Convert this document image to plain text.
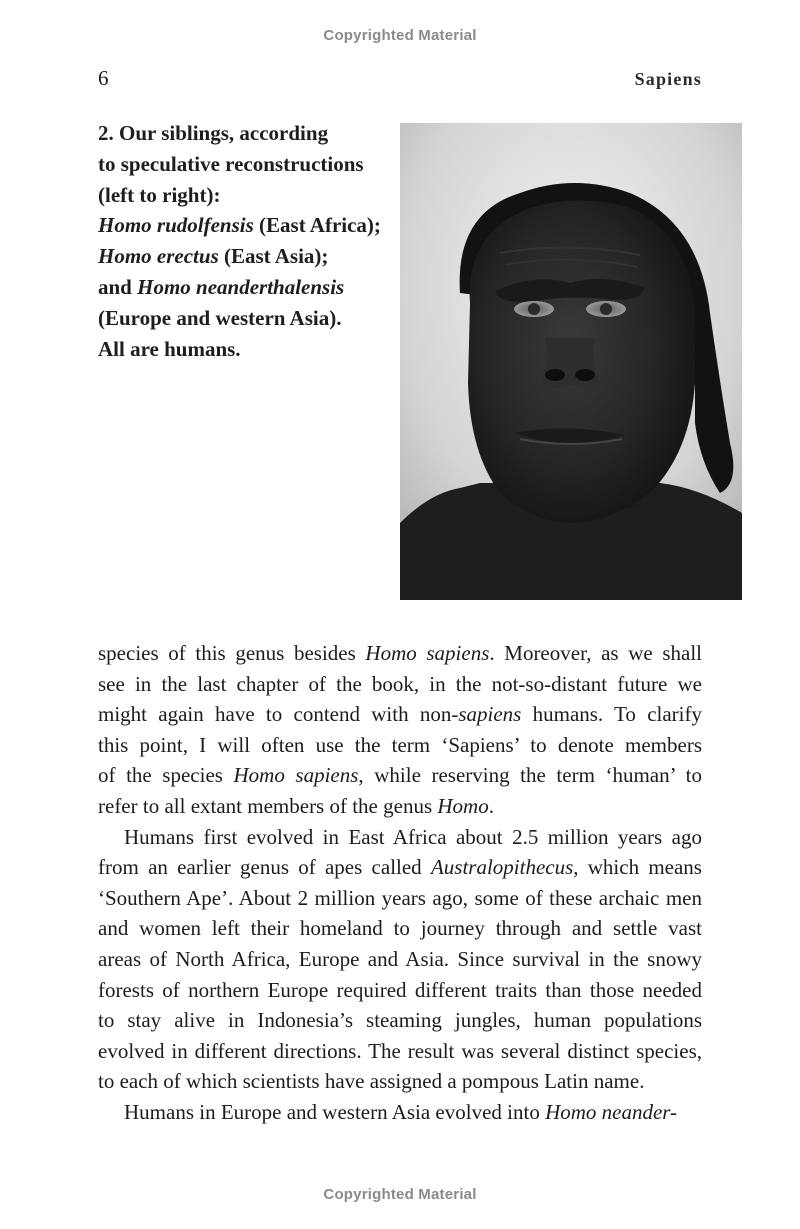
Copyrighted Material
6	Sapiens
2. Our siblings, according
to speculative reconstructions
(left to right):
Homo rudolfensis (East Africa);
Homo erectus (East Asia);
and Homo neanderthalensis
(Europe and western Asia).
All are humans.
species of this genus besides Homo sapiens. Moreover, as we shall
see in the last chapter of the book, in the not-so-distant future we
might again have to contend with non-sapiens humans. To clarify
this point, I will often use the term ‘Sapiens’ to denote members
of the species Homo sapiens, while reserving the term ‘human’ to
refer to all extant members of the genus Homo.
Humans first evolved in East Africa about 2.5 million years ago
from an earlier genus of apes called Australopithecus, which means
‘Southern Ape’. About 2 million years ago, some of these archaic men
and women left their homeland to journey through and settle vast
areas of North Africa, Europe and Asia. Since survival in the snowy
forests of northern Europe required different traits than those needed
to stay alive in Indonesia’s steaming jungles, human populations
evolved in different directions. The result was several distinct species,
to each of which scientists have assigned a pompous Latin name.
Humans in Europe and western Asia evolved into Homo neander-
Copyrighted Material
